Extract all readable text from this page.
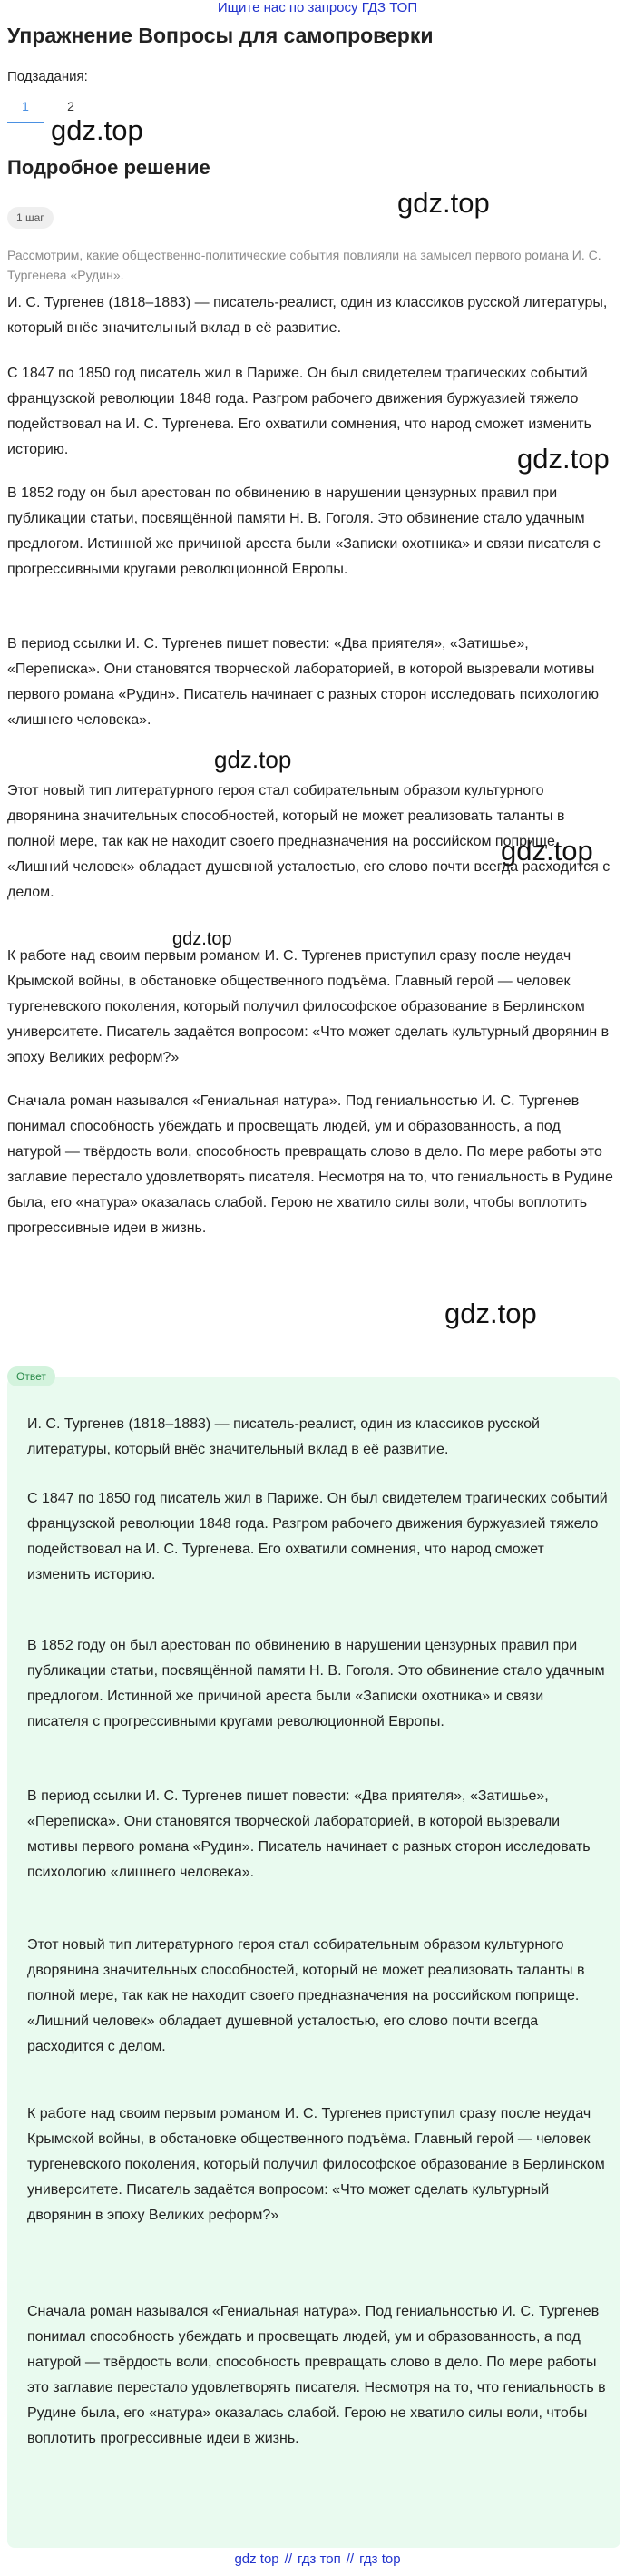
Ищите нас по запросу ГДЗ ТОП
Упражнение Вопросы для самопроверки
Подзадания:
1	2
gdz.top
gdz.top
gdz.top
gdz.top
gdz.top
gdz.top
gdz.top
Подробное решение
1 шаг
Рассмотрим, какие общественно-политические события повлияли на замысел первого романа И. С. Тургенева «Рудин».
И. С. Тургенев (1818–1883) — писатель-реалист, один из классиков русской литературы, который внёс значительный вклад в её развитие.
С 1847 по 1850 год писатель жил в Париже. Он был свидетелем трагических событий французской революции 1848 года. Разгром рабочего движения буржуазией тяжело подействовал на И. С. Тургенева. Его охватили сомнения, что народ сможет изменить историю.
В 1852 году он был арестован по обвинению в нарушении цензурных правил при публикации статьи, посвящённой памяти Н. В. Гоголя. Это обвинение стало удачным предлогом. Истинной же причиной ареста были «Записки охотника» и связи писателя с прогрессивными кругами революционной Европы.
В период ссылки И. С. Тургенев пишет повести: «Два приятеля», «Затишье», «Переписка». Они становятся творческой лабораторией, в которой вызревали мотивы первого романа «Рудин». Писатель начинает с разных сторон исследовать психологию «лишнего человека».
Этот новый тип литературного героя стал собирательным образом культурного дворянина значительных способностей, который не может реализовать таланты в полной мере, так как не находит своего предназначения на российском поприще. «Лишний человек» обладает душевной усталостью, его слово почти всегда расходится с делом.
К работе над своим первым романом И. С. Тургенев приступил сразу после неудач Крымской войны, в обстановке общественного подъёма. Главный герой — человек тургеневского поколения, который получил философское образование в Берлинском университете. Писатель задаётся вопросом: «Что может сделать культурный дворянин в эпоху Великих реформ?»
Сначала роман назывался «Гениальная натура». Под гениальностью И. С. Тургенев понимал способность убеждать и просвещать людей, ум и образованность, а под натурой — твёрдость воли, способность превращать слово в дело. По мере работы это заглавие перестало удовлетворять писателя. Несмотря на то, что гениальность в Рудине была, его «натура» оказалась слабой. Герою не хватило силы воли, чтобы воплотить прогрессивные идеи в жизнь.
Ответ
И. С. Тургенев (1818–1883) — писатель-реалист, один из классиков русской литературы, который внёс значительный вклад в её развитие.
С 1847 по 1850 год писатель жил в Париже. Он был свидетелем трагических событий французской революции 1848 года. Разгром рабочего движения буржуазией тяжело подействовал на И. С. Тургенева. Его охватили сомнения, что народ сможет изменить историю.
В 1852 году он был арестован по обвинению в нарушении цензурных правил при публикации статьи, посвящённой памяти Н. В. Гоголя. Это обвинение стало удачным предлогом. Истинной же причиной ареста были «Записки охотника» и связи писателя с прогрессивными кругами революционной Европы.
В период ссылки И. С. Тургенев пишет повести: «Два приятеля», «Затишье», «Переписка». Они становятся творческой лабораторией, в которой вызревали мотивы первого романа «Рудин». Писатель начинает с разных сторон исследовать психологию «лишнего человека».
Этот новый тип литературного героя стал собирательным образом культурного дворянина значительных способностей, который не может реализовать таланты в полной мере, так как не находит своего предназначения на российском поприще. «Лишний человек» обладает душевной усталостью, его слово почти всегда расходится с делом.
К работе над своим первым романом И. С. Тургенев приступил сразу после неудач Крымской войны, в обстановке общественного подъёма. Главный герой — человек тургеневского поколения, который получил философское образование в Берлинском университете. Писатель задаётся вопросом: «Что может сделать культурный дворянин в эпоху Великих реформ?»
Сначала роман назывался «Гениальная натура». Под гениальностью И. С. Тургенев понимал способность убеждать и просвещать людей, ум и образованность, а под натурой — твёрдость воли, способность превращать слово в дело. По мере работы это заглавие перестало удовлетворять писателя. Несмотря на то, что гениальность в Рудине была, его «натура» оказалась слабой. Герою не хватило силы воли, чтобы воплотить прогрессивные идеи в жизнь.
gdz top // гдз топ // гдз top
